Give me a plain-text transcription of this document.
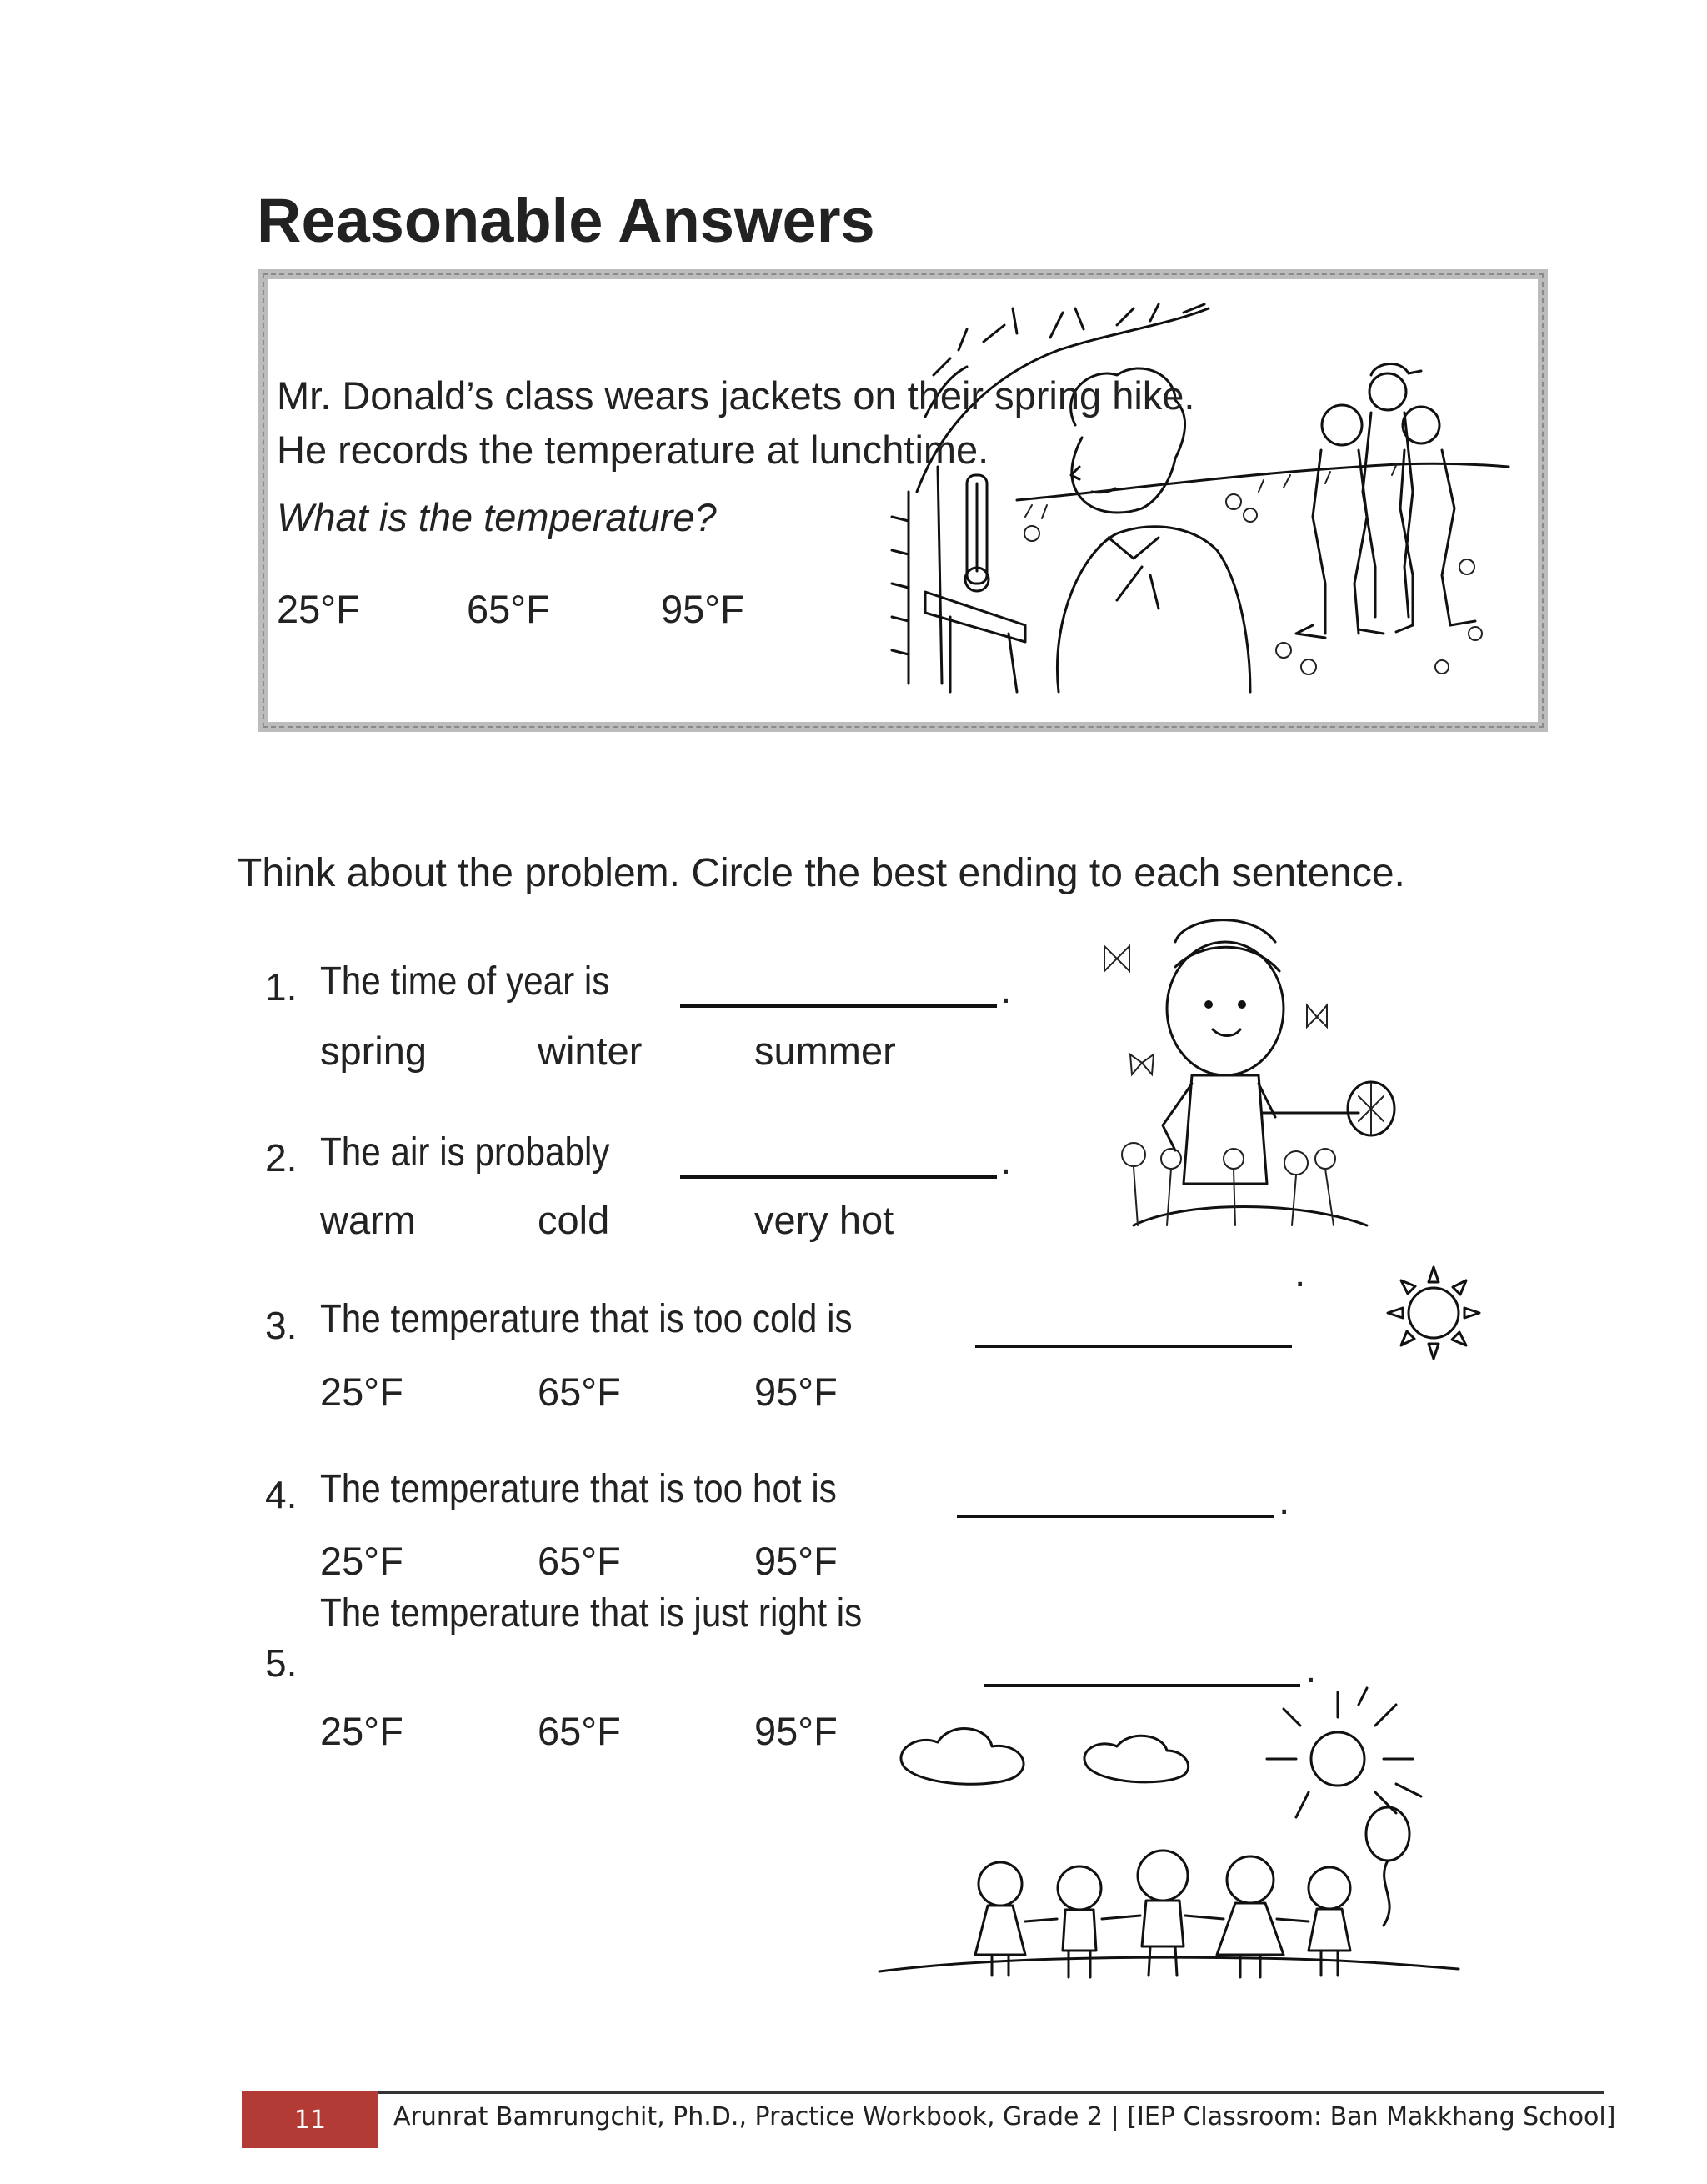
Reasonable Answers
Mr. Donald’s class wears jackets on their spring hike.
He records the temperature at lunchtime.
What is the temperature?
25°F	65°F	95°F
Think about the problem. Circle the best ending to each sentence.
1. The time of year is	.
spring	winter	summer
2. The air is probably	.
warm	cold	very hot
.
3. The temperature that is too cold is
25°F	65°F	95°F
4. The temperature that is too hot is	.
25°F	65°F	95°F
The temperature that is just right is
5.	.
25°F	65°F	95°F
11	Arunrat Bamrungchit, Ph.D., Practice Workbook, Grade 2 | [IEP Classroom: Ban Makkhang School]
